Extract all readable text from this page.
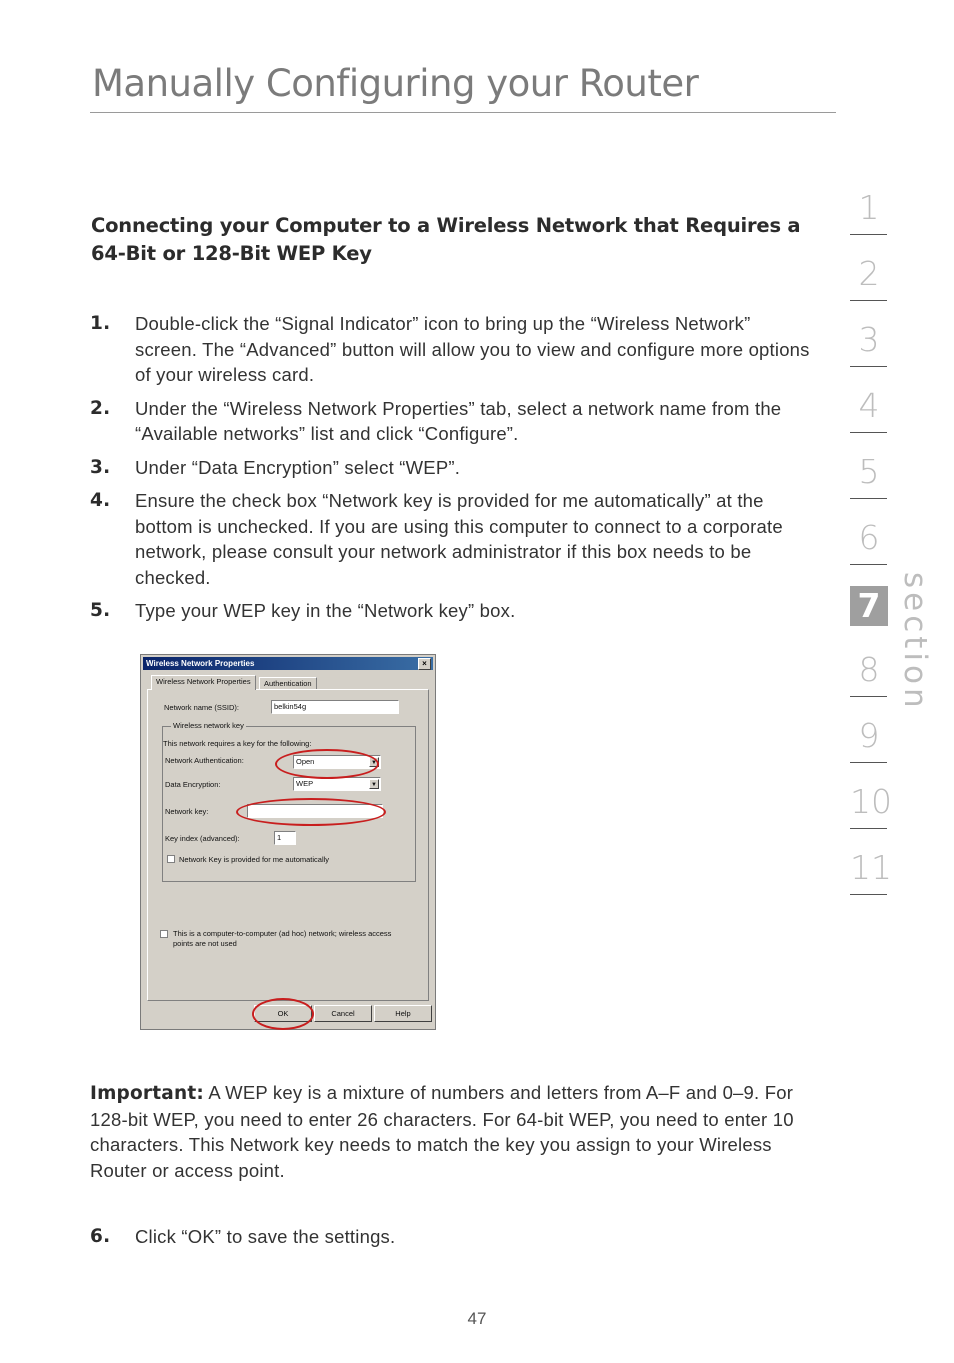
Manually Configuring your Router
Connecting your Computer to a Wireless Network that Requires a 64-Bit or 128-Bit WEP Key
1. Double-click the “Signal Indicator” icon to bring up the “Wireless Network” screen. The “Advanced” button will allow you to view and configure more options of your wireless card.
2. Under the “Wireless Network Properties” tab, select a network name from the “Available networks” list and click “Configure”.
3. Under “Data Encryption” select “WEP”.
4. Ensure the check box “Network key is provided for me automatically” at the bottom is unchecked. If you are using this computer to connect to a corporate network, please consult your network administrator if this box needs to be checked.
5. Type your WEP key in the “Network key” box.
Wireless Network Properties	×
Wireless Network Properties	Authentication
Network name (SSID):	belkin54g
Wireless network key
This network requires a key for the following:
Network Authentication:	Open	▼
Data Encryption:	WEP	▼
Network key:
Key index (advanced):	1
Network Key is provided for me automatically
This is a computer-to-computer (ad hoc) network; wireless access
points are not used
OK	Cancel	Help
Important: A WEP key is a mixture of numbers and letters from A–F and 0–9. For 128-bit WEP, you need to enter 26 characters. For 64-bit WEP, you need to enter 10 characters. This Network key needs to match the key you assign to your Wireless Router or access point.
6. Click “OK” to save the settings.
47
1
2
3
4
5
6
7
8
9
10
11
section
